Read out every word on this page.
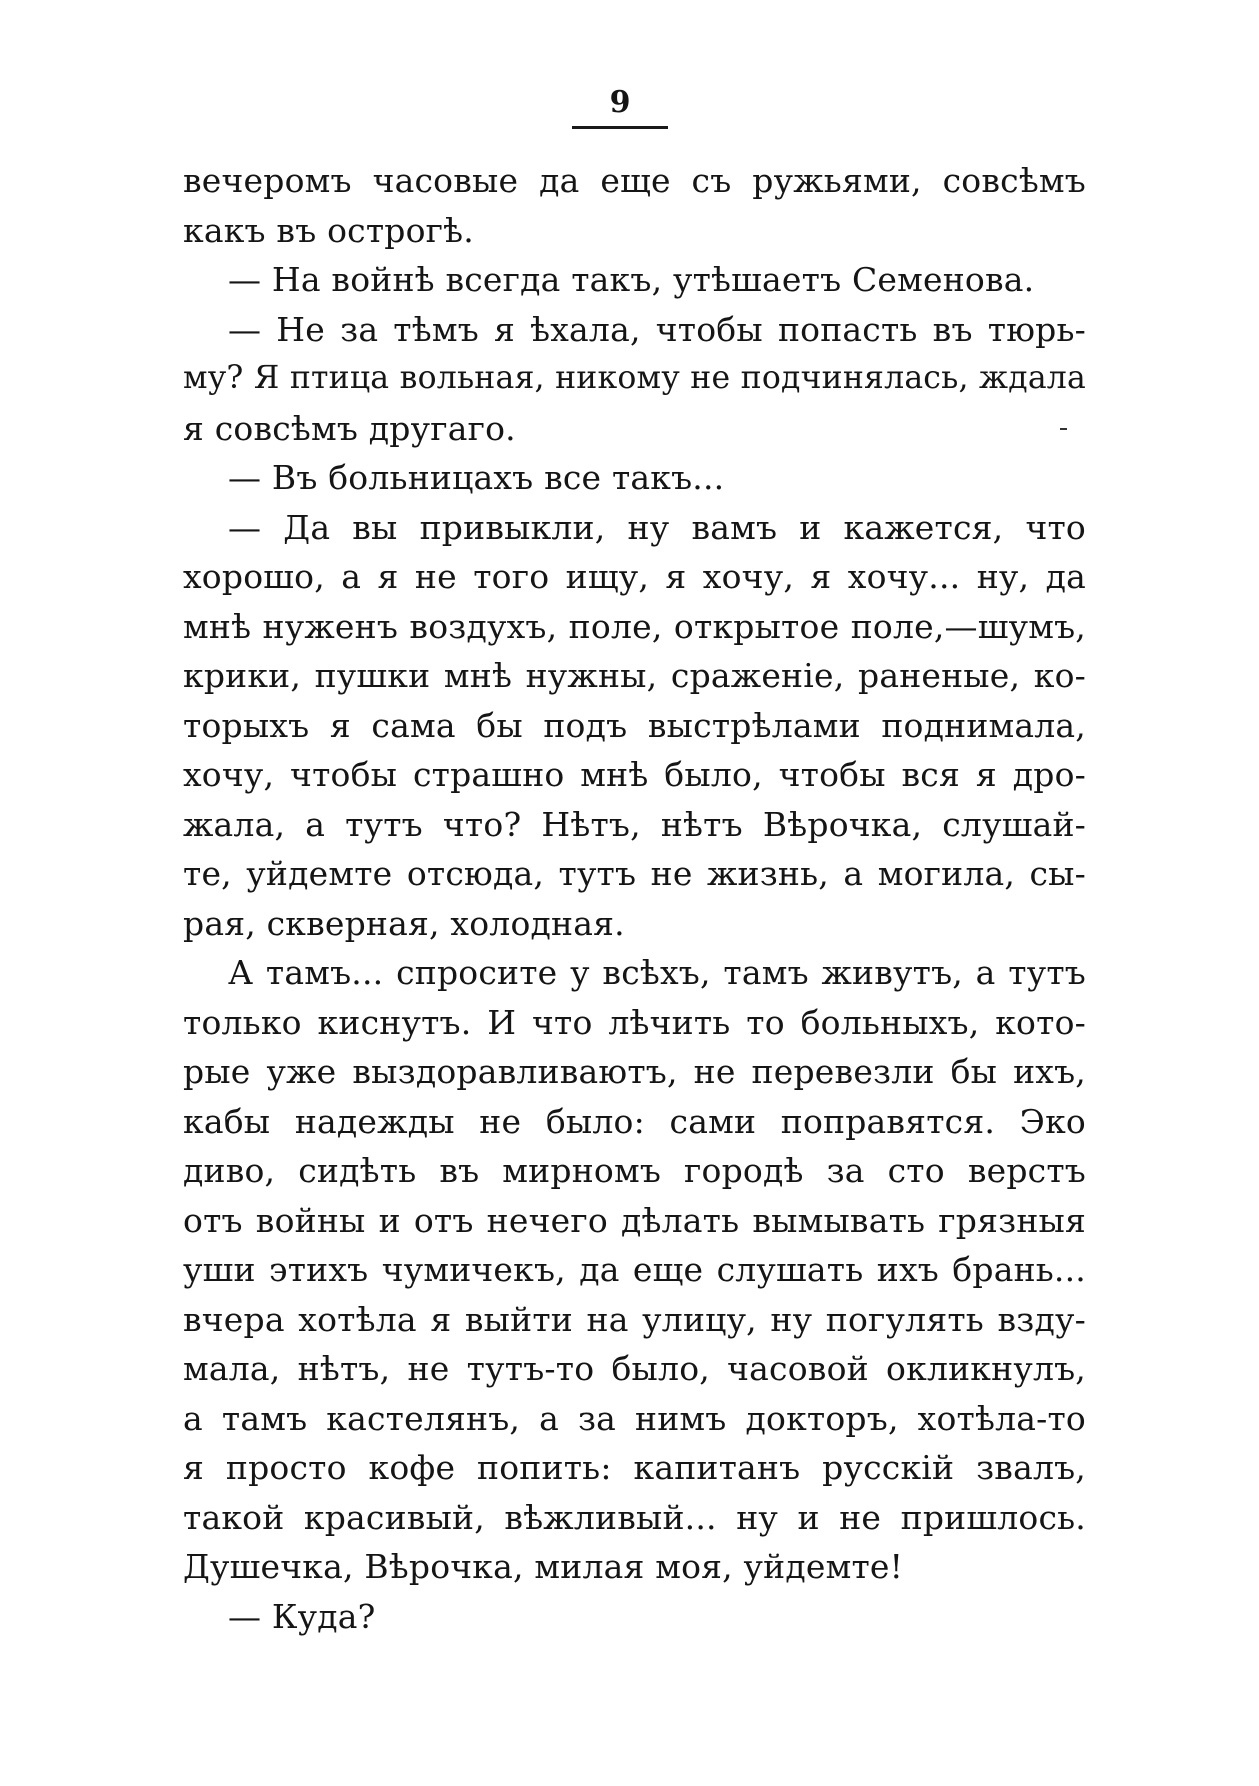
9
вечеромъ часовые да еще съ ружьями, совсѣмъ
какъ въ острогѣ.
— На войнѣ всегда такъ, утѣшаетъ Семенова.
— Не за тѣмъ я ѣхала, чтобы попасть въ тюрь-
му? Я птица вольная, никому не подчинялась, ждала
я совсѣмъ другаго.
— Въ больницахъ все такъ...
— Да вы привыкли, ну вамъ и кажется, что
хорошо, а я не того ищу, я хочу, я хочу... ну, да
мнѣ нуженъ воздухъ, поле, открытое поле,—шумъ,
крики, пушки мнѣ нужны, сраженіе, раненые, ко-
торыхъ я сама бы подъ выстрѣлами поднимала,
хочу, чтобы страшно мнѣ было, чтобы вся я дро-
жала, а тутъ что? Нѣтъ, нѣтъ Вѣрочка, слушай-
те, уйдемте отсюда, тутъ не жизнь, а могила, сы-
рая, скверная, холодная.
А тамъ... спросите у всѣхъ, тамъ живутъ, а тутъ
только киснутъ. И что лѣчить то больныхъ, кото-
рые уже выздоравливаютъ, не перевезли бы ихъ,
кабы надежды не было: сами поправятся. Эко
диво, сидѣть въ мирномъ городѣ за сто верстъ
отъ войны и отъ нечего дѣлать вымывать грязныя
уши этихъ чумичекъ, да еще слушать ихъ брань...
вчера хотѣла я выйти на улицу, ну погулять взду-
мала, нѣтъ, не тутъ-то было, часовой окликнулъ,
а тамъ кастелянъ, а за нимъ докторъ, хотѣла-то
я просто кофе попить: капитанъ русскій звалъ,
такой красивый, вѣжливый... ну и не пришлось.
Душечка, Вѣрочка, милая моя, уйдемте!
— Куда?
